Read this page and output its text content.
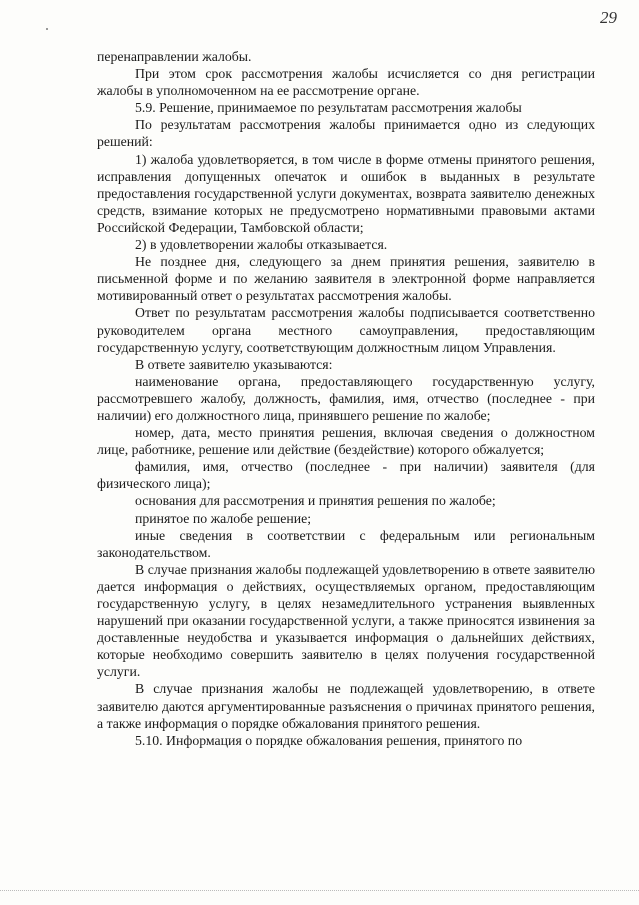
29

перенаправлении жалобы.

При этом срок рассмотрения жалобы исчисляется со дня регистрации жалобы в уполномоченном на ее рассмотрение органе.

5.9. Решение, принимаемое по результатам рассмотрения жалобы

По результатам рассмотрения жалобы принимается одно из следующих решений:

1) жалоба удовлетворяется, в том числе в форме отмены принятого решения, исправления допущенных опечаток и ошибок в выданных в результате предоставления государственной услуги документах, возврата заявителю денежных средств, взимание которых не предусмотрено нормативными правовыми актами Российской Федерации, Тамбовской области;

2) в удовлетворении жалобы отказывается.

Не позднее дня, следующего за днем принятия решения, заявителю в письменной форме и по желанию заявителя в электронной форме направляется мотивированный ответ о результатах рассмотрения жалобы.

Ответ по результатам рассмотрения жалобы подписывается соответственно руководителем органа местного самоуправления, предоставляющим государственную услугу, соответствующим должностным лицом Управления.

В ответе заявителю указываются:

наименование органа, предоставляющего государственную услугу, рассмотревшего жалобу, должность, фамилия, имя, отчество (последнее - при наличии) его должностного лица, принявшего решение по жалобе;

номер, дата, место принятия решения, включая сведения о должностном лице, работнике, решение или действие (бездействие) которого обжалуется;

фамилия, имя, отчество (последнее - при наличии) заявителя (для физического лица);

основания для рассмотрения и принятия решения по жалобе;

принятое по жалобе решение;

иные сведения в соответствии с федеральным или региональным законодательством.

В случае признания жалобы подлежащей удовлетворению в ответе заявителю дается информация о действиях, осуществляемых органом, предоставляющим государственную услугу, в целях незамедлительного устранения выявленных нарушений при оказании государственной услуги, а также приносятся извинения за доставленные неудобства и указывается информация о дальнейших действиях, которые необходимо совершить заявителю в целях получения государственной услуги.

В случае признания жалобы не подлежащей удовлетворению, в ответе заявителю даются аргументированные разъяснения о причинах принятого решения, а также информация о порядке обжалования принятого решения.

5.10. Информация о порядке обжалования решения, принятого по
